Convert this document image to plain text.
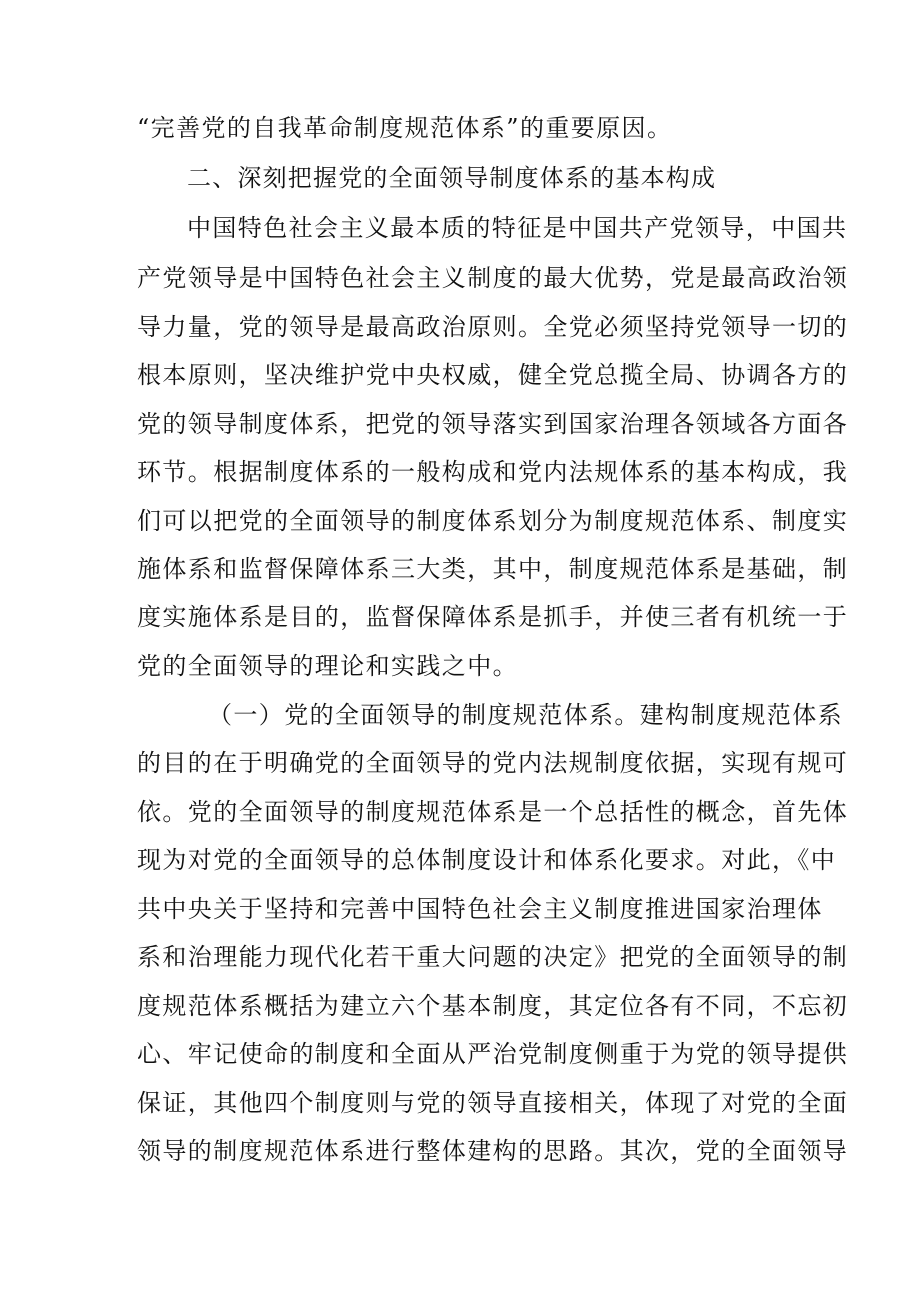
“完善党的自我革命制度规范体系”的重要原因。
二、深刻把握党的全面领导制度体系的基本构成
中国特色社会主义最本质的特征是中国共产党领导，中国共
产党领导是中国特色社会主义制度的最大优势，党是最高政治领
导力量，党的领导是最高政治原则。全党必须坚持党领导一切的
根本原则，坚决维护党中央权威，健全党总揽全局、协调各方的
党的领导制度体系，把党的领导落实到国家治理各领域各方面各
环节。根据制度体系的一般构成和党内法规体系的基本构成，我
们可以把党的全面领导的制度体系划分为制度规范体系、制度实
施体系和监督保障体系三大类，其中，制度规范体系是基础，制
度实施体系是目的，监督保障体系是抓手，并使三者有机统一于
党的全面领导的理论和实践之中。
（一）党的全面领导的制度规范体系。建构制度规范体系
的目的在于明确党的全面领导的党内法规制度依据，实现有规可
依。党的全面领导的制度规范体系是一个总括性的概念，首先体
现为对党的全面领导的总体制度设计和体系化要求。对此，《中
共中央关于坚持和完善中国特色社会主义制度推进国家治理体
系和治理能力现代化若干重大问题的决定》把党的全面领导的制
度规范体系概括为建立六个基本制度，其定位各有不同，不忘初
心、牢记使命的制度和全面从严治党制度侧重于为党的领导提供
保证，其他四个制度则与党的领导直接相关，体现了对党的全面
领导的制度规范体系进行整体建构的思路。其次，党的全面领导
